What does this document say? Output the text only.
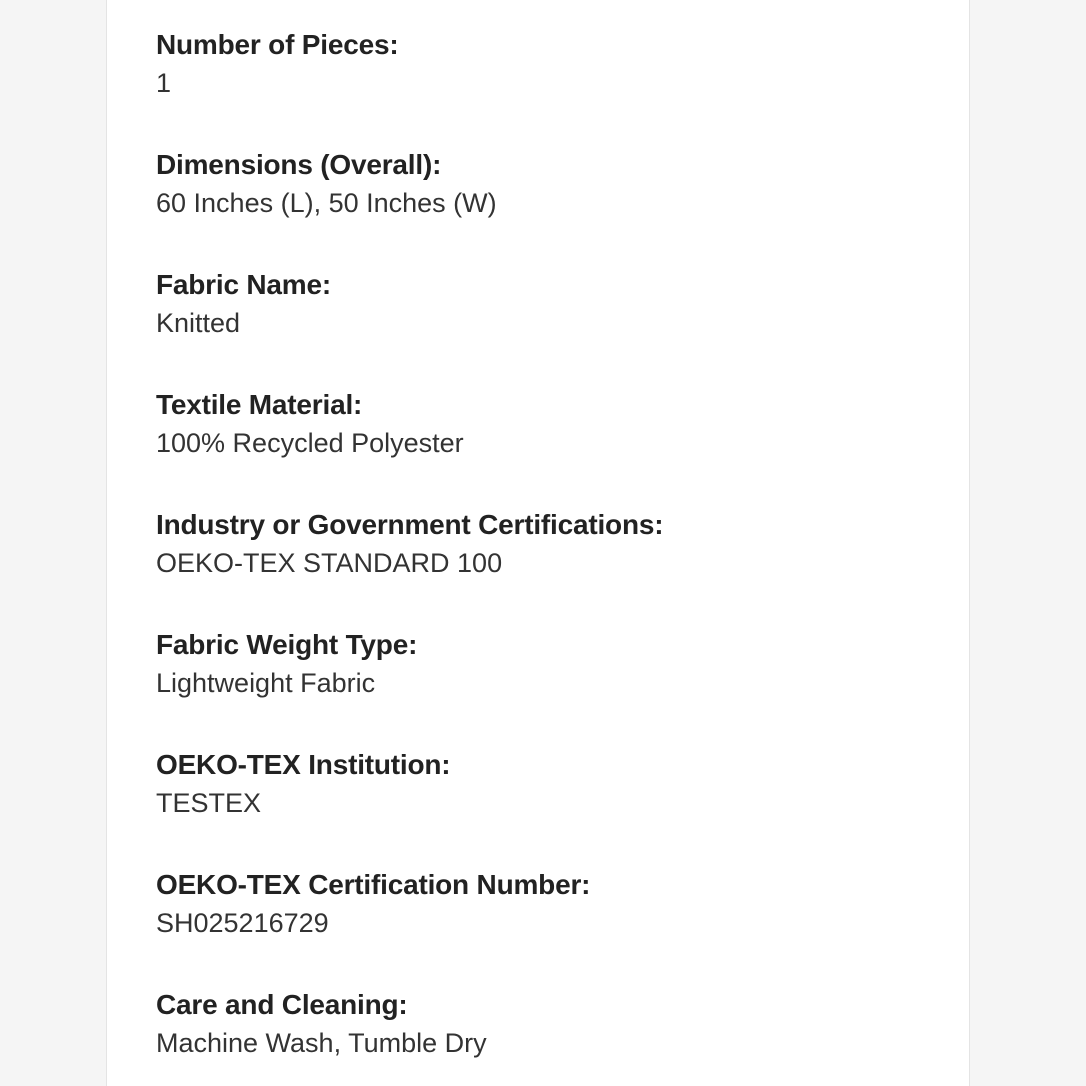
Number of Pieces:
1
Dimensions (Overall):
60 Inches (L), 50 Inches (W)
Fabric Name:
Knitted
Textile Material:
100% Recycled Polyester
Industry or Government Certifications:
OEKO-TEX STANDARD 100
Fabric Weight Type:
Lightweight Fabric
OEKO-TEX Institution:
TESTEX
OEKO-TEX Certification Number:
SH025216729
Care and Cleaning:
Machine Wash, Tumble Dry
